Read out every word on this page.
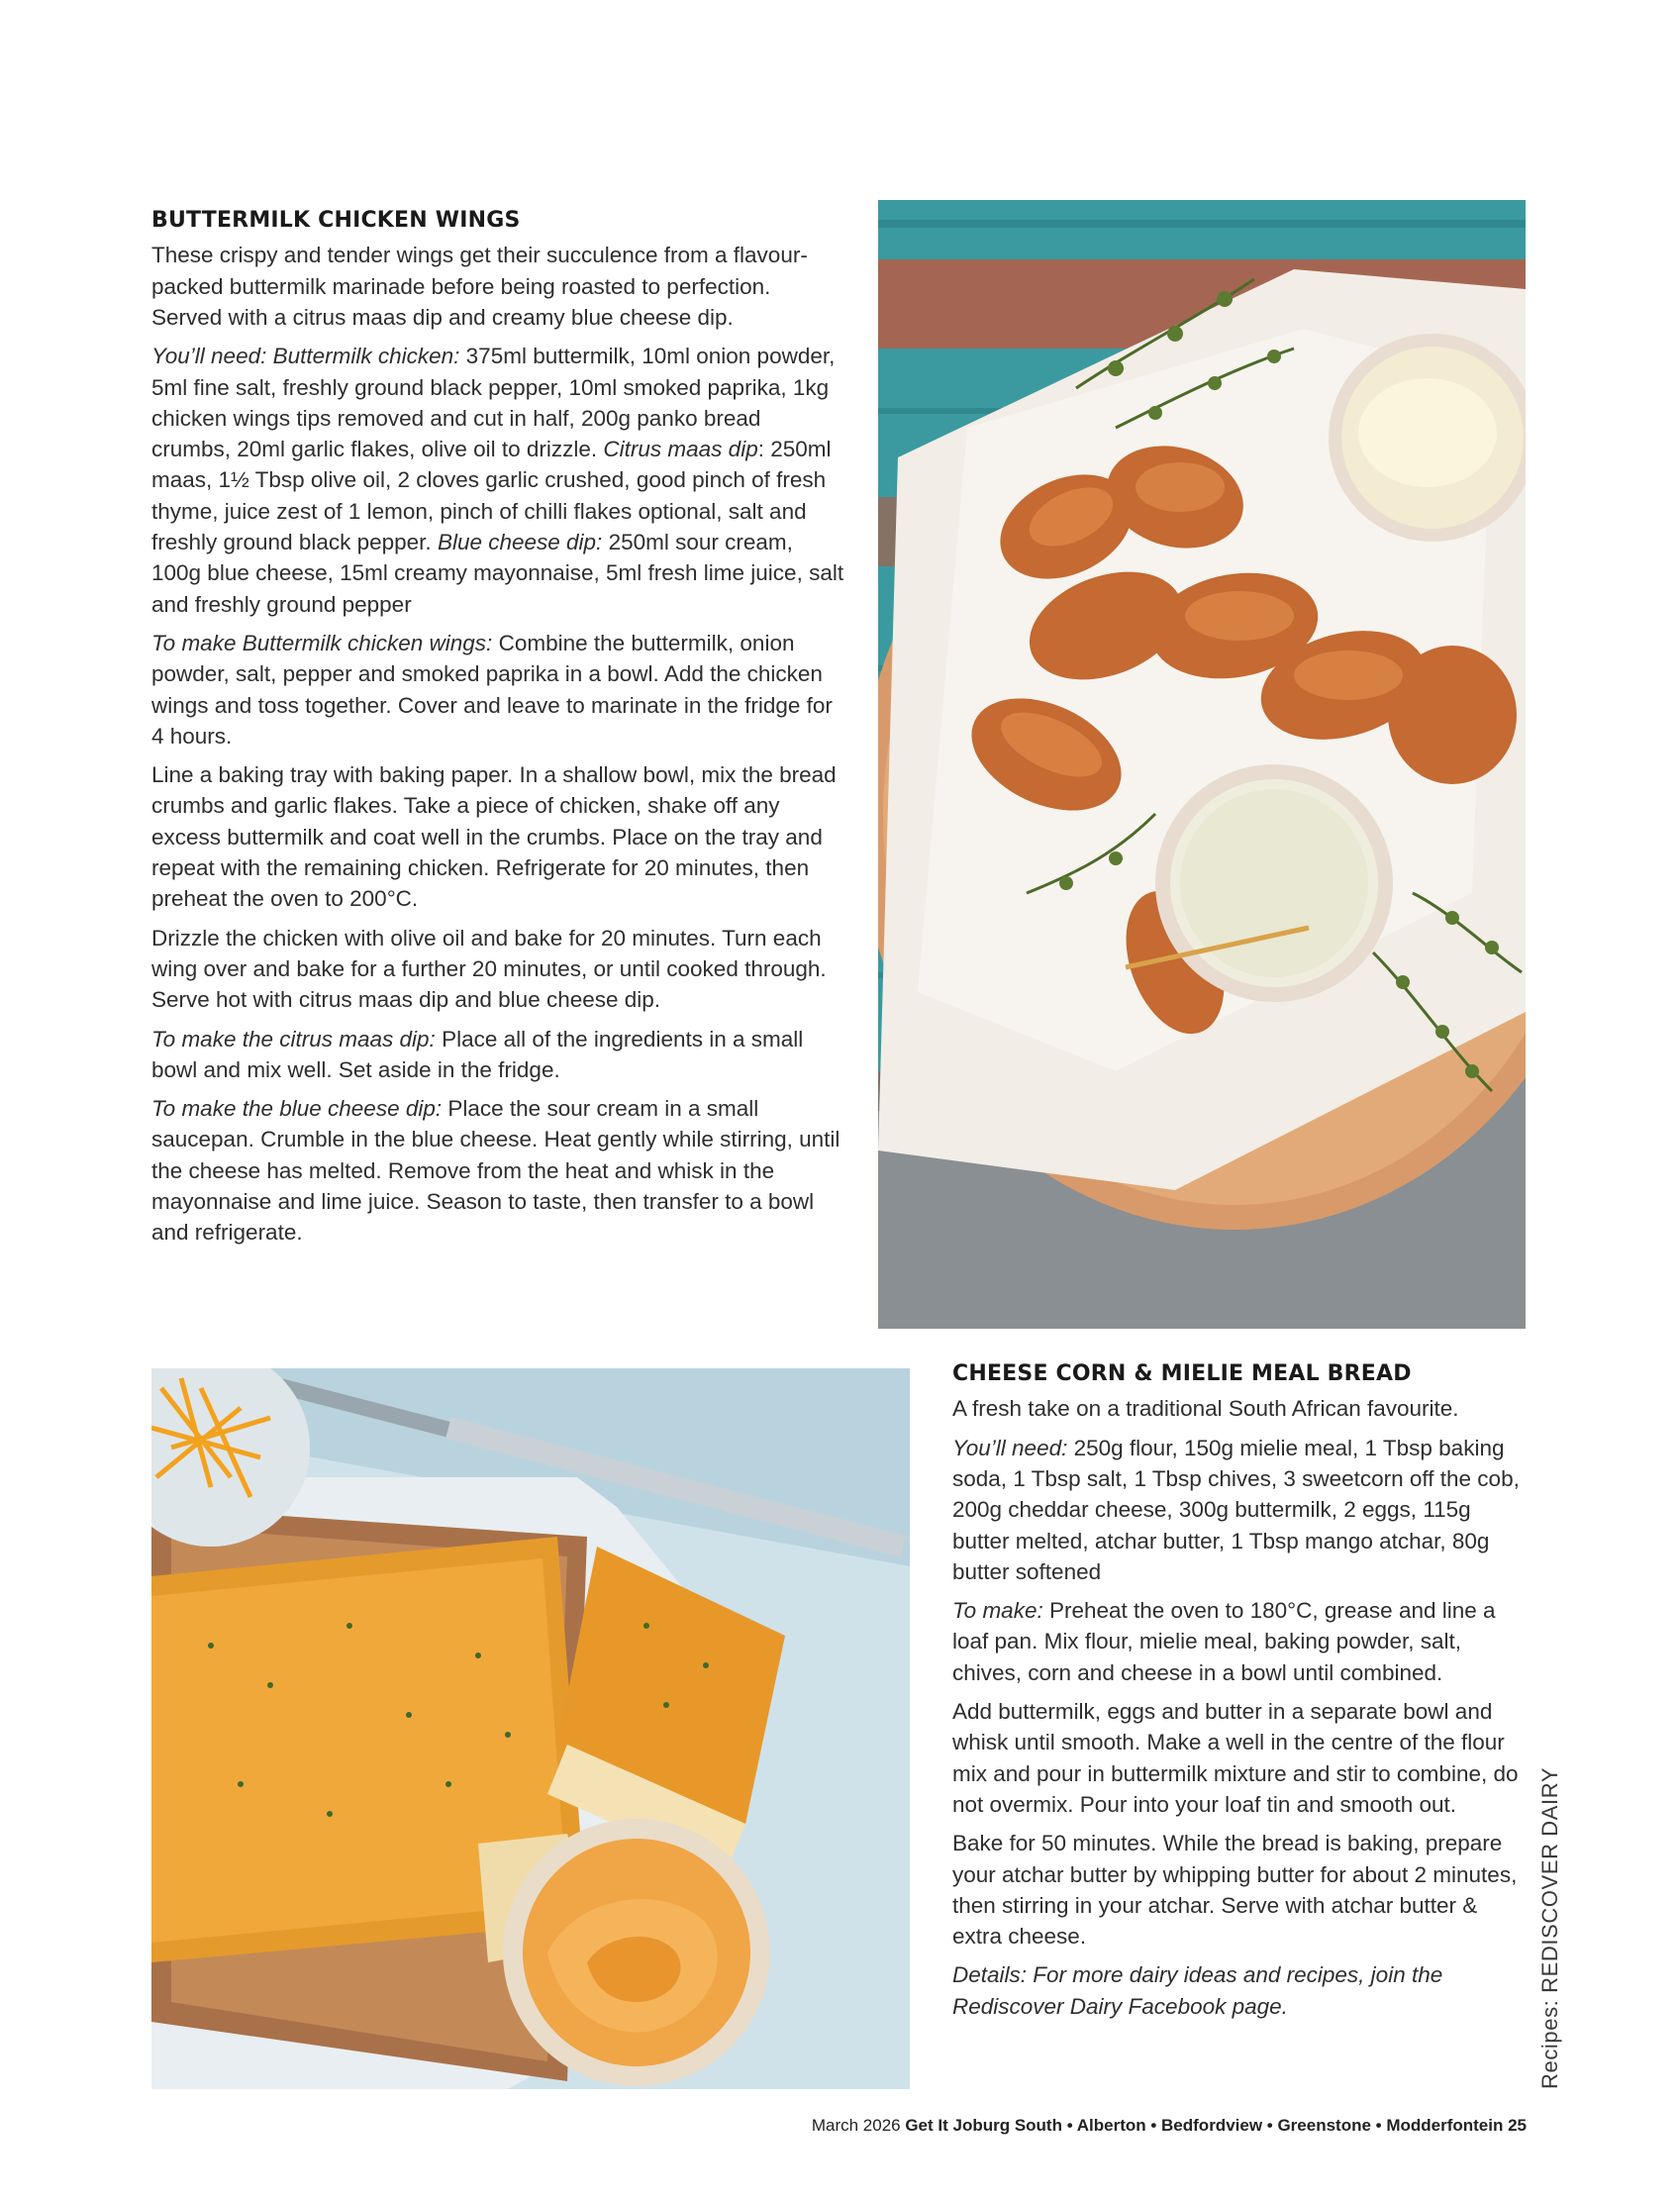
BUTTERMILK CHICKEN WINGS

These crispy and tender wings get their succulence from a flavour-packed buttermilk marinade before being roasted to perfection. Served with a citrus maas dip and creamy blue cheese dip.

You’ll need: Buttermilk chicken: 375ml buttermilk, 10ml onion powder, 5ml fine salt, freshly ground black pepper, 10ml smoked paprika, 1kg chicken wings tips removed and cut in half, 200g panko bread crumbs, 20ml garlic flakes, olive oil to drizzle. Citrus maas dip: 250ml maas, 1½ Tbsp olive oil, 2 cloves garlic crushed, good pinch of fresh thyme, juice zest of 1 lemon, pinch of chilli flakes optional, salt and freshly ground black pepper. Blue cheese dip: 250ml sour cream, 100g blue cheese, 15ml creamy mayonnaise, 5ml fresh lime juice, salt and freshly ground pepper

To make Buttermilk chicken wings: Combine the buttermilk, onion powder, salt, pepper and smoked paprika in a bowl. Add the chicken wings and toss together. Cover and leave to marinate in the fridge for 4 hours.

Line a baking tray with baking paper. In a shallow bowl, mix the bread crumbs and garlic flakes. Take a piece of chicken, shake off any excess buttermilk and coat well in the crumbs. Place on the tray and repeat with the remaining chicken. Refrigerate for 20 minutes, then preheat the oven to 200°C.

Drizzle the chicken with olive oil and bake for 20 minutes. Turn each wing over and bake for a further 20 minutes, or until cooked through. Serve hot with citrus maas dip and blue cheese dip.

To make the citrus maas dip: Place all of the ingredients in a small bowl and mix well. Set aside in the fridge.

To make the blue cheese dip: Place the sour cream in a small saucepan. Crumble in the blue cheese. Heat gently while stirring, until the cheese has melted. Remove from the heat and whisk in the mayonnaise and lime juice. Season to taste, then transfer to a bowl and refrigerate.

CHEESE CORN & MIELIE MEAL BREAD

A fresh take on a traditional South African favourite.

You’ll need: 250g flour, 150g mielie meal, 1 Tbsp baking soda, 1 Tbsp salt, 1 Tbsp chives, 3 sweetcorn off the cob, 200g cheddar cheese, 300g buttermilk, 2 eggs, 115g butter melted, atchar butter, 1 Tbsp mango atchar, 80g butter softened

To make: Preheat the oven to 180°C, grease and line a loaf pan. Mix flour, mielie meal, baking powder, salt, chives, corn and cheese in a bowl until combined.

Add buttermilk, eggs and butter in a separate bowl and whisk until smooth. Make a well in the centre of the flour mix and pour in buttermilk mixture and stir to combine, do not overmix. Pour into your loaf tin and smooth out.

Bake for 50 minutes. While the bread is baking, prepare your atchar butter by whipping butter for about 2 minutes, then stirring in your atchar. Serve with atchar butter & extra cheese.

Details: For more dairy ideas and recipes, join the Rediscover Dairy Facebook page.	Recipes: REDISCOVER DAIRY
March 2026 Get It Joburg South • Alberton • Bedfordview • Greenstone • Modderfontein 25
